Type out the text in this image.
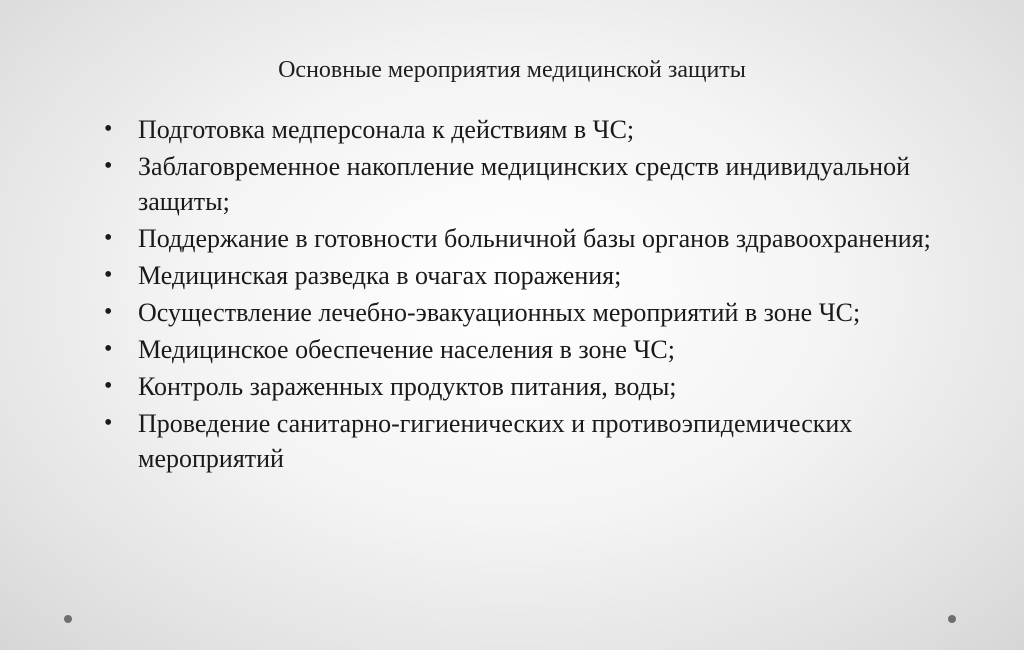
Основные мероприятия медицинской защиты
• Подготовка медперсонала к действиям в ЧС;
• Заблаговременное накопление медицинских средств индивидуальной защиты;
• Поддержание в готовности больничной базы органов здравоохранения;
• Медицинская разведка в очагах поражения;
• Осуществление лечебно-эвакуационных мероприятий в зоне ЧС;
• Медицинское обеспечение населения в зоне ЧС;
• Контроль зараженных продуктов питания, воды;
• Проведение санитарно-гигиенических и противоэпидемических мероприятий
